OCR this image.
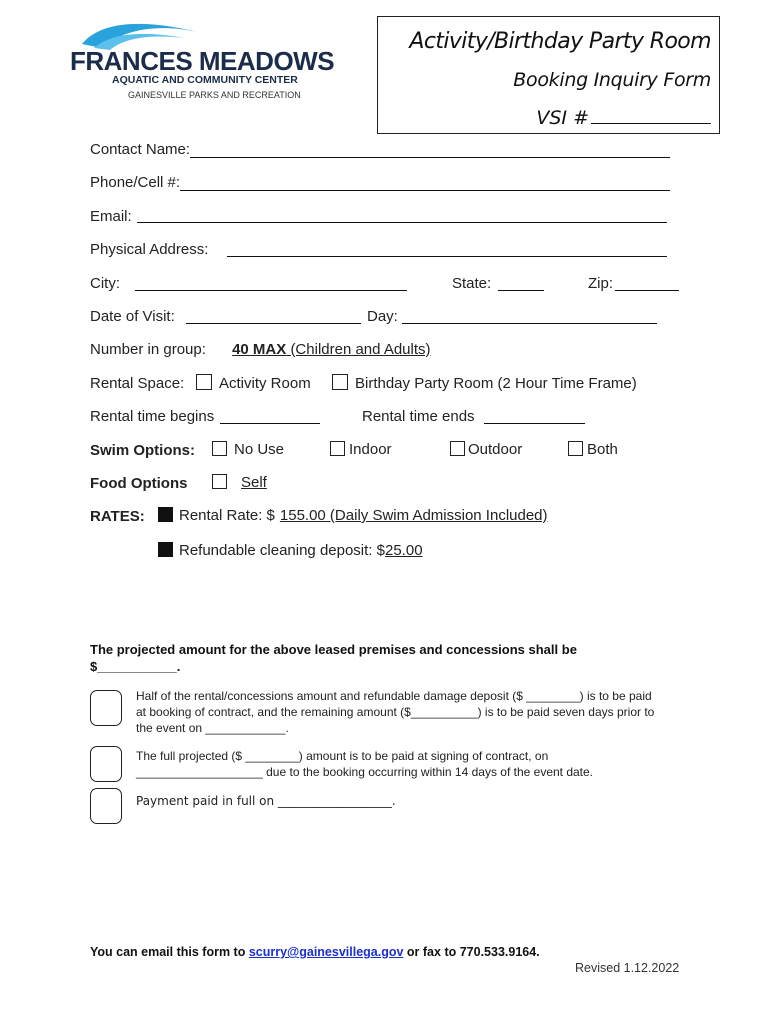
FRANCES MEADOWS
AQUATIC AND COMMUNITY CENTER
GAINESVILLE PARKS AND RECREATION
Activity/Birthday Party Room
Booking Inquiry Form
VSI #
Contact Name:
Phone/Cell #:
Email:
Physical Address:
City:	State:	Zip:
Date of Visit:	Day:
Number in group: 40 MAX (Children and Adults)
Rental Space:	Activity Room	Birthday Party Room (2 Hour Time Frame)
Rental time begins	Rental time ends
Swim Options:	No Use	Indoor	Outdoor	Both
Food Options	Self
RATES:	Rental Rate: $ 155.00 (Daily Swim Admission Included)
Refundable cleaning deposit: $25.00
The projected amount for the above leased premises and concessions shall be
$___________.
Half of the rental/concessions amount and refundable damage deposit ($ ________) is to be paid
at booking of contract, and the remaining amount ($__________) is to be paid seven days prior to
the event on ____________.
The full projected ($ ________) amount is to be paid at signing of contract, on
___________________ due to the booking occurring within 14 days of the event date.
Payment paid in full on ___________________.
You can email this form to scurry@gainesvillega.gov or fax to 770.533.9164.
Revised 1.12.2022
